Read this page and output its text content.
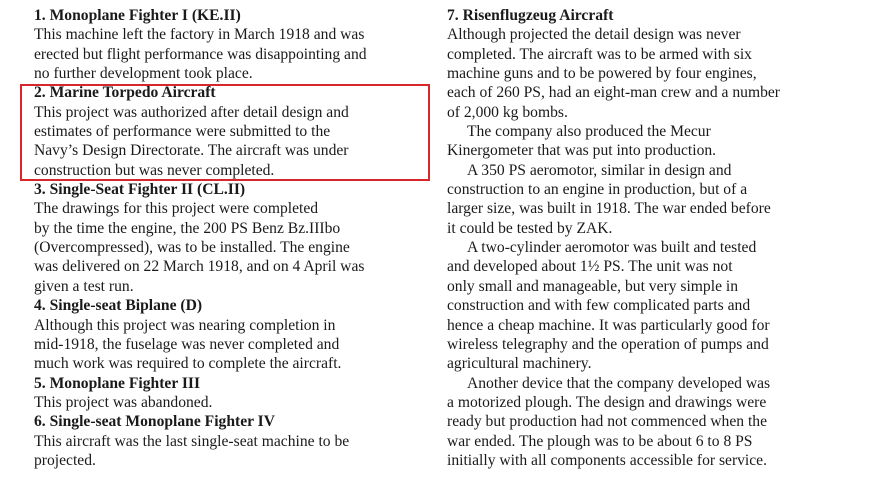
1. Monoplane Fighter I (KE.II)
This machine left the factory in March 1918 and was
erected but flight performance was disappointing and
no further development took place.
2. Marine Torpedo Aircraft
This project was authorized after detail design and
estimates of performance were submitted to the
Navy’s Design Directorate. The aircraft was under
construction but was never completed.
3. Single-Seat Fighter II (CL.II)
The drawings for this project were completed
by the time the engine, the 200 PS Benz Bz.IIIbo
(Overcompressed), was to be installed. The engine
was delivered on 22 March 1918, and on 4 April was
given a test run.
4. Single-seat Biplane (D)
Although this project was nearing completion in
mid-1918, the fuselage was never completed and
much work was required to complete the aircraft.
5. Monoplane Fighter III
This project was abandoned.
6. Single-seat Monoplane Fighter IV
This aircraft was the last single-seat machine to be
projected.
7. Risenflugzeug Aircraft
Although projected the detail design was never
completed. The aircraft was to be armed with six
machine guns and to be powered by four engines,
each of 260 PS, had an eight-man crew and a number
of 2,000 kg bombs.
The company also produced the Mecur
Kinergometer that was put into production.
A 350 PS aeromotor, similar in design and
construction to an engine in production, but of a
larger size, was built in 1918. The war ended before
it could be tested by ZAK.
A two-cylinder aeromotor was built and tested
and developed about 1½ PS. The unit was not
only small and manageable, but very simple in
construction and with few complicated parts and
hence a cheap machine. It was particularly good for
wireless telegraphy and the operation of pumps and
agricultural machinery.
Another device that the company developed was
a motorized plough. The design and drawings were
ready but production had not commenced when the
war ended. The plough was to be about 6 to 8 PS
initially with all components accessible for service.
